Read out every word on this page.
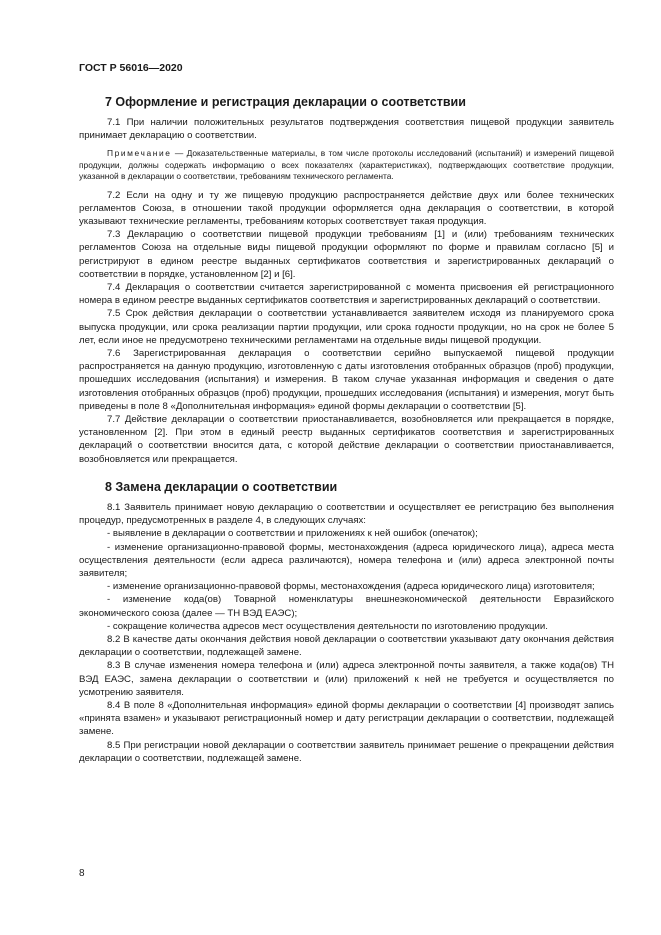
ГОСТ Р 56016—2020
7 Оформление и регистрация декларации о соответствии

7.1 При наличии положительных результатов подтверждения соответствия пищевой продукции заявитель принимает декларацию о соответствии.

Примечание — Доказательственные материалы, в том числе протоколы исследований (испытаний) и измерений пищевой продукции, должны содержать информацию о всех показателях (характеристиках), подтверждающих соответствие продукции, указанной в декларации о соответствии, требованиям технического регламента.

7.2 Если на одну и ту же пищевую продукцию распространяется действие двух или более технических регламентов Союза, в отношении такой продукции оформляется одна декларация о соответствии, в которой указывают технические регламенты, требованиям которых соответствует такая продукция.

7.3 Декларацию о соответствии пищевой продукции требованиям [1] и (или) требованиям технических регламентов Союза на отдельные виды пищевой продукции оформляют по форме и правилам согласно [5] и регистрируют в едином реестре выданных сертификатов соответствия и зарегистрированных деклараций о соответствии в порядке, установленном [2] и [6].

7.4 Декларация о соответствии считается зарегистрированной с момента присвоения ей регистрационного номера в едином реестре выданных сертификатов соответствия и зарегистрированных деклараций о соответствии.

7.5 Срок действия декларации о соответствии устанавливается заявителем исходя из планируемого срока выпуска продукции, или срока реализации партии продукции, или срока годности продукции, но на срок не более 5 лет, если иное не предусмотрено техническими регламентами на отдельные виды пищевой продукции.

7.6 Зарегистрированная декларация о соответствии серийно выпускаемой пищевой продукции распространяется на данную продукцию, изготовленную с даты изготовления отобранных образцов (проб) продукции, прошедших исследования (испытания) и измерения. В таком случае указанная информация и сведения о дате изготовления отобранных образцов (проб) продукции, прошедших исследования (испытания) и измерения, могут быть приведены в поле 8 «Дополнительная информация» единой формы декларации о соответствии [5].

7.7 Действие декларации о соответствии приостанавливается, возобновляется или прекращается в порядке, установленном [2]. При этом в единый реестр выданных сертификатов соответствия и зарегистрированных деклараций о соответствии вносится дата, с которой действие декларации о соответствии приостанавливается, возобновляется или прекращается.

8 Замена декларации о соответствии

8.1 Заявитель принимает новую декларацию о соответствии и осуществляет ее регистрацию без выполнения процедур, предусмотренных в разделе 4, в следующих случаях:

- выявление в декларации о соответствии и приложениях к ней ошибок (опечаток);

- изменение организационно-правовой формы, местонахождения (адреса юридического лица), адреса места осуществления деятельности (если адреса различаются), номера телефона и (или) адреса электронной почты заявителя;

- изменение организационно-правовой формы, местонахождения (адреса юридического лица) изготовителя;

- изменение кода(ов) Товарной номенклатуры внешнеэкономической деятельности Евразийского экономического союза (далее — ТН ВЭД ЕАЭС);

- сокращение количества адресов мест осуществления деятельности по изготовлению продукции.

8.2 В качестве даты окончания действия новой декларации о соответствии указывают дату окончания действия декларации о соответствии, подлежащей замене.

8.3 В случае изменения номера телефона и (или) адреса электронной почты заявителя, а также кода(ов) ТН ВЭД ЕАЭС, замена декларации о соответствии и (или) приложений к ней не требуется и осуществляется по усмотрению заявителя.

8.4 В поле 8 «Дополнительная информация» единой формы декларации о соответствии [4] производят запись «принята взамен» и указывают регистрационный номер и дату регистрации декларации о соответствии, подлежащей замене.

8.5 При регистрации новой декларации о соответствии заявитель принимает решение о прекращении действия декларации о соответствии, подлежащей замене.

8
